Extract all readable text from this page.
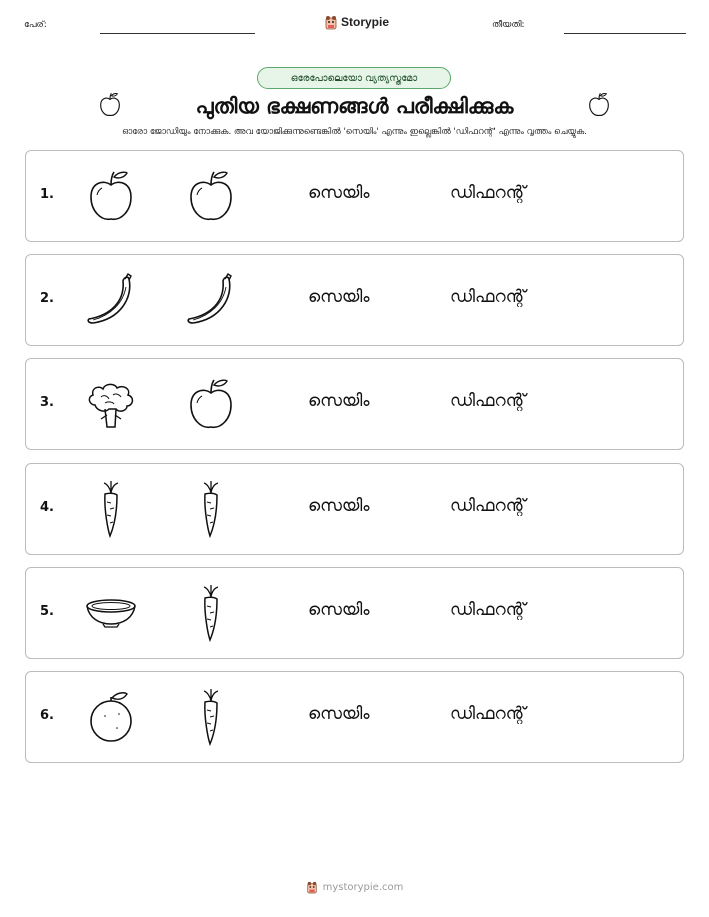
പേര്:	Storypie	തീയതി:
ഒരേപോലെയോ വ്യത്യസ്തമോ
പുതിയ ഭക്ഷണങ്ങൾ പരീക്ഷിക്കുക
ഓരോ ജോഡിയും നോക്കുക. അവ യോജിക്കുന്നുണ്ടെങ്കിൽ 'സെയിം' എന്നും ഇല്ലെങ്കിൽ 'ഡിഫറന്റ്' എന്നും വൃത്തം ചെയ്യുക.
1.	സെയിം	ഡിഫറന്റ്
2.	സെയിം	ഡിഫറന്റ്
3.	സെയിം	ഡിഫറന്റ്
4.	സെയിം	ഡിഫറന്റ്
5.	സെയിം	ഡിഫറന്റ്
6.	സെയിം	ഡിഫറന്റ്
mystorypie.com
